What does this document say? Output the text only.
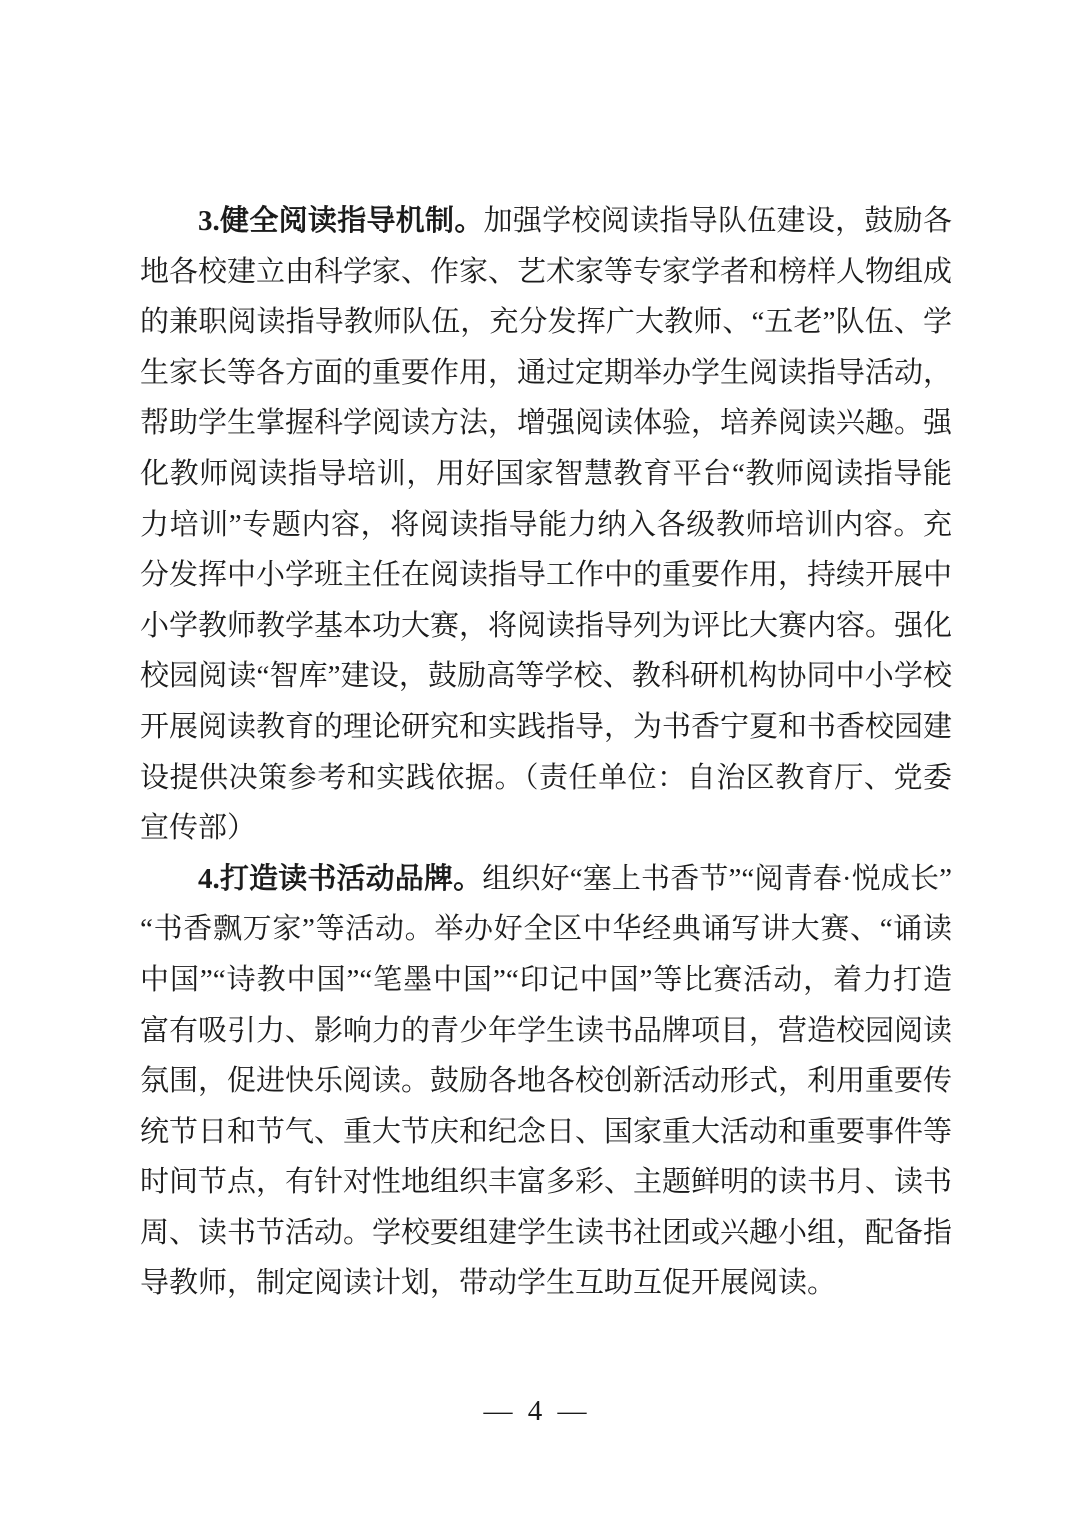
3.健全阅读指导机制。加强学校阅读指导队伍建设，鼓励各地各校建立由科学家、作家、艺术家等专家学者和榜样人物组成的兼职阅读指导教师队伍，充分发挥广大教师、“五老”队伍、学生家长等各方面的重要作用，通过定期举办学生阅读指导活动，帮助学生掌握科学阅读方法，增强阅读体验，培养阅读兴趣。强化教师阅读指导培训，用好国家智慧教育平台“教师阅读指导能力培训”专题内容，将阅读指导能力纳入各级教师培训内容。充分发挥中小学班主任在阅读指导工作中的重要作用，持续开展中小学教师教学基本功大赛，将阅读指导列为评比大赛内容。强化校园阅读“智库”建设，鼓励高等学校、教科研机构协同中小学校开展阅读教育的理论研究和实践指导，为书香宁夏和书香校园建设提供决策参考和实践依据。（责任单位：自治区教育厅、党委宣传部）

4.打造读书活动品牌。组织好“塞上书香节”“阅青春·悦成长”“书香飘万家”等活动。举办好全区中华经典诵写讲大赛、“诵读中国”“诗教中国”“笔墨中国”“印记中国”等比赛活动，着力打造富有吸引力、影响力的青少年学生读书品牌项目，营造校园阅读氛围，促进快乐阅读。鼓励各地各校创新活动形式，利用重要传统节日和节气、重大节庆和纪念日、国家重大活动和重要事件等时间节点，有针对性地组织丰富多彩、主题鲜明的读书月、读书周、读书节活动。学校要组建学生读书社团或兴趣小组，配备指导教师，制定阅读计划，带动学生互助互促开展阅读。

— 4 —
